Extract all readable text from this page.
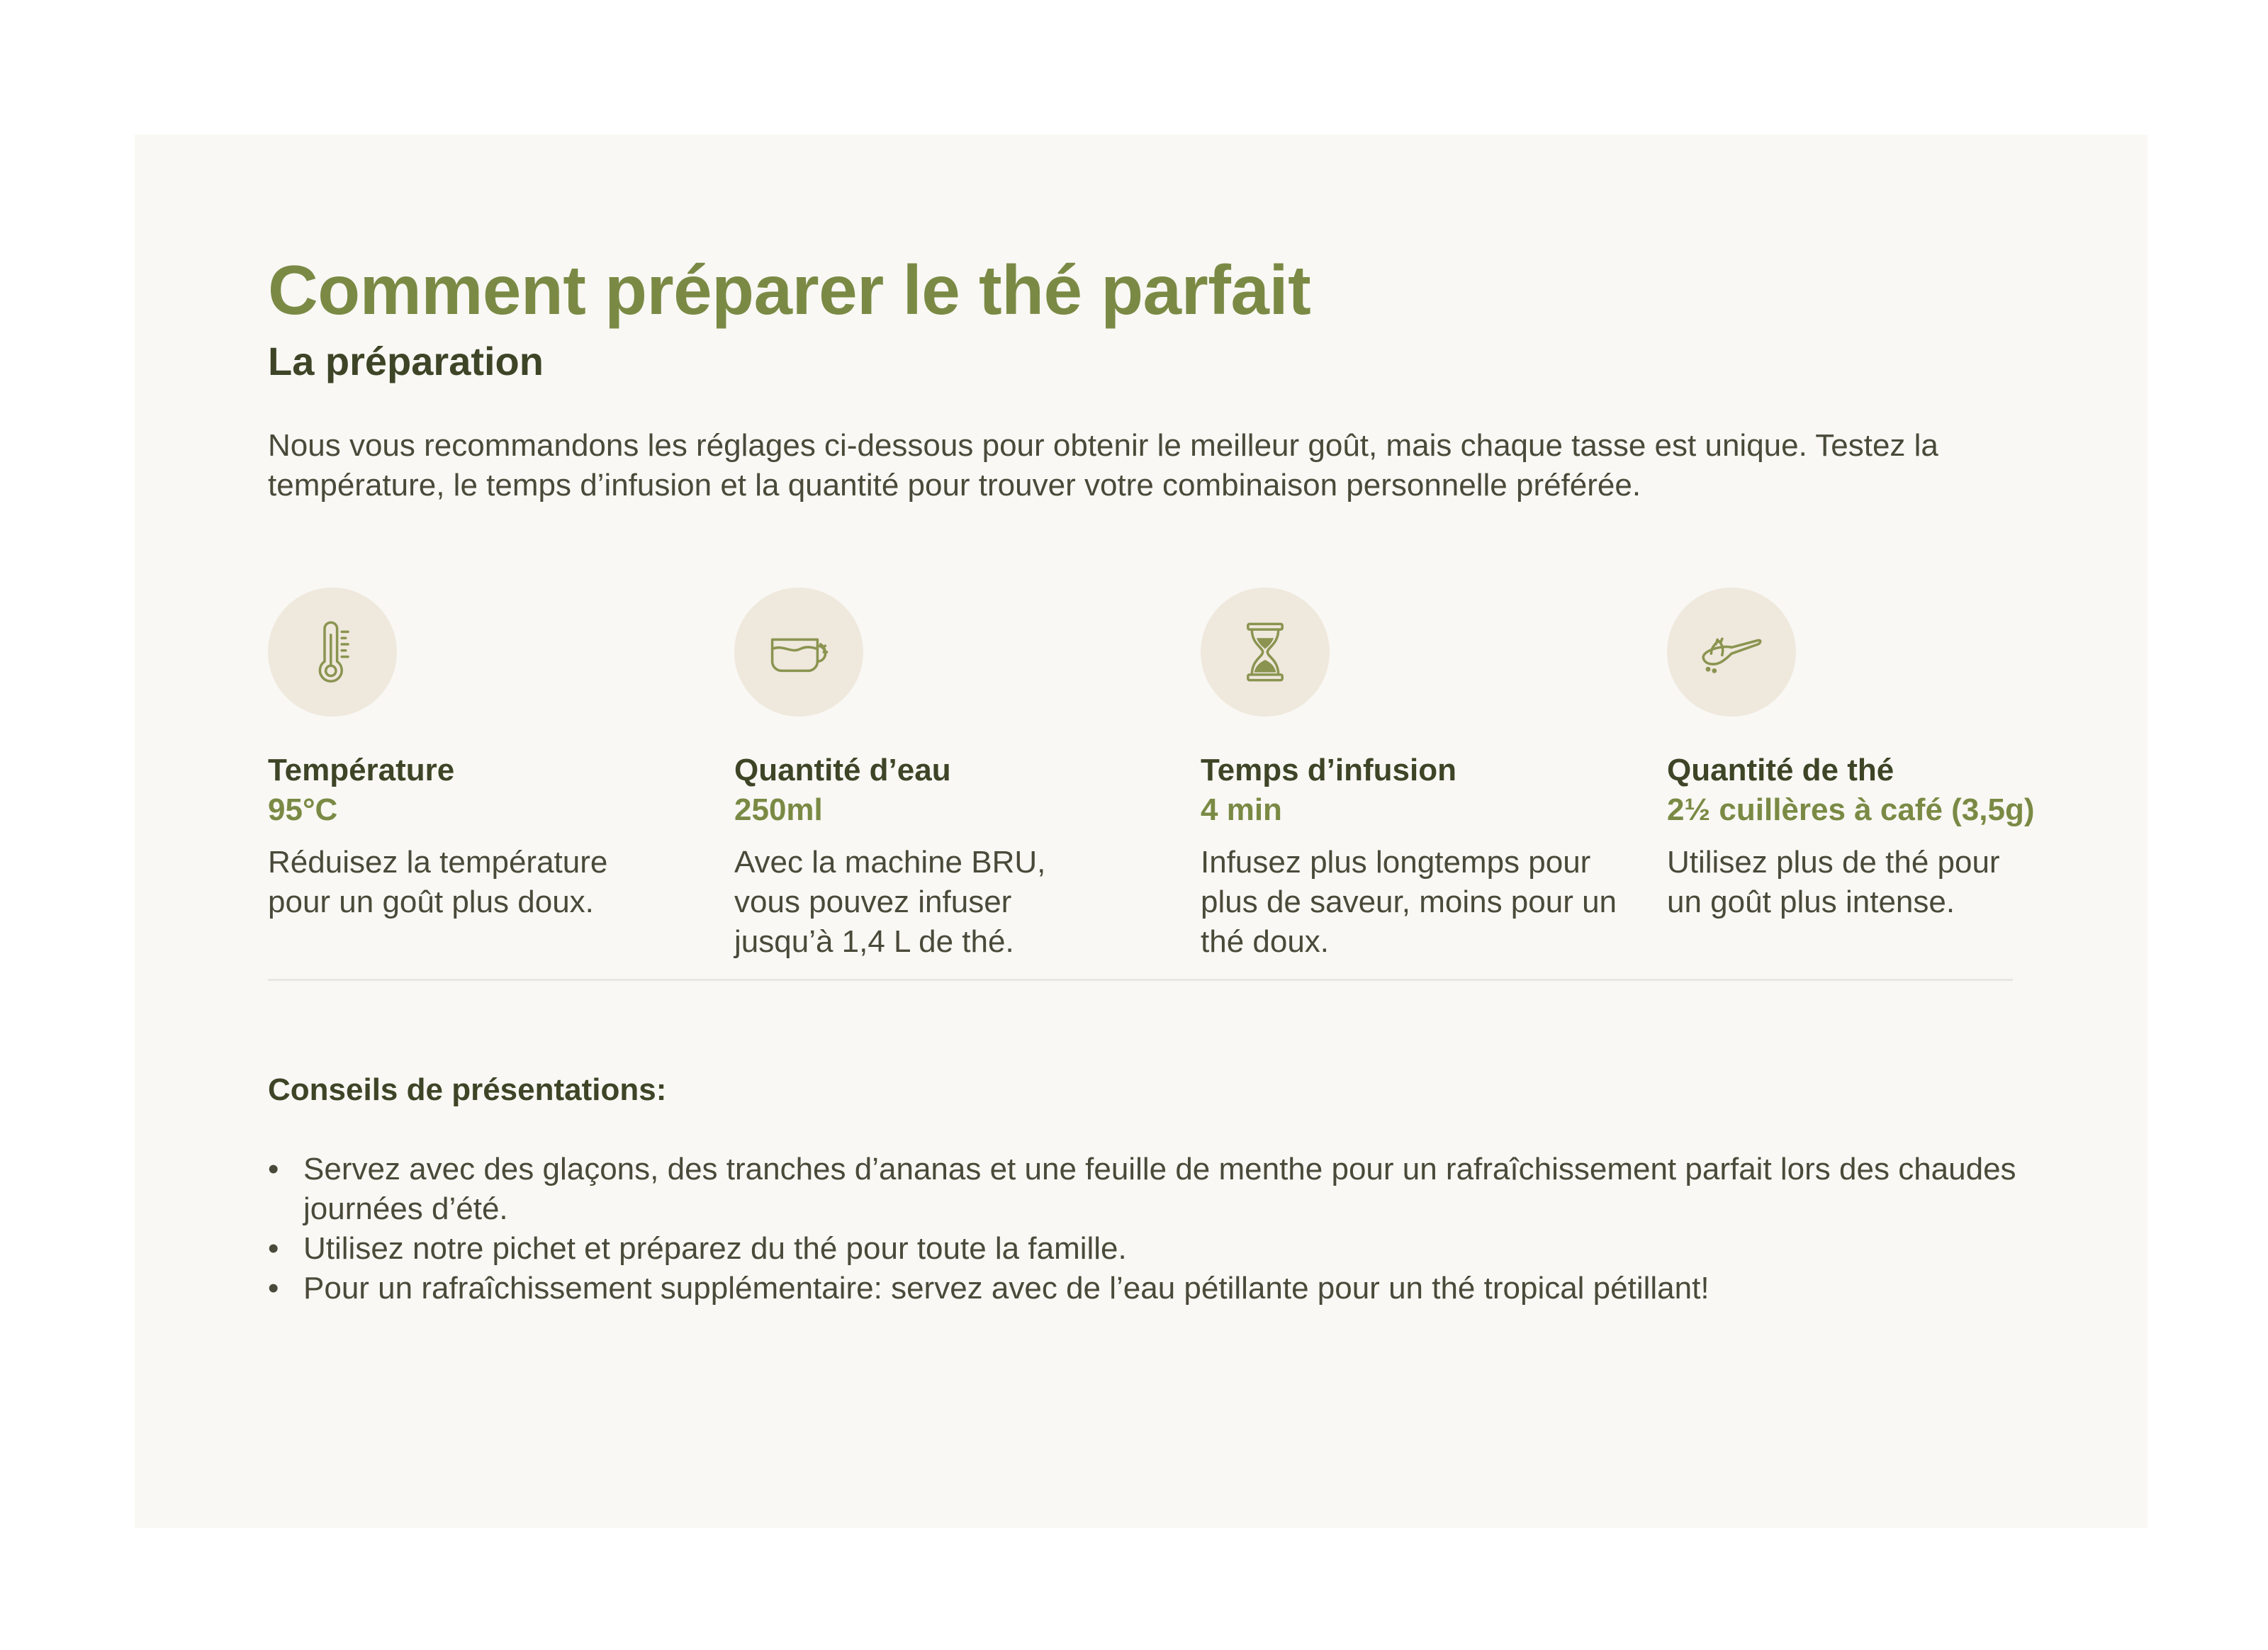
Comment préparer le thé parfait
La préparation

Nous vous recommandons les réglages ci-dessous pour obtenir le meilleur goût, mais chaque tasse est unique. Testez la température, le temps d’infusion et la quantité pour trouver votre combinaison personnelle préférée.

Température
95°C
Réduisez la température pour un goût plus doux.
Quantité d’eau
250ml
Avec la machine BRU, vous pouvez infuser jusqu’à 1,4 L de thé.
Temps d’infusion
4 min
Infusez plus longtemps pour plus de saveur, moins pour un thé doux.
Quantité de thé
2½ cuillères à café (3,5g)
Utilisez plus de thé pour un goût plus intense.
Conseils de présentations:
• Servez avec des glaçons, des tranches d’ananas et une feuille de menthe pour un rafraîchissement parfait lors des chaudes journées d’été.
• Utilisez notre pichet et préparez du thé pour toute la famille.
• Pour un rafraîchissement supplémentaire: servez avec de l’eau pétillante pour un thé tropical pétillant!
